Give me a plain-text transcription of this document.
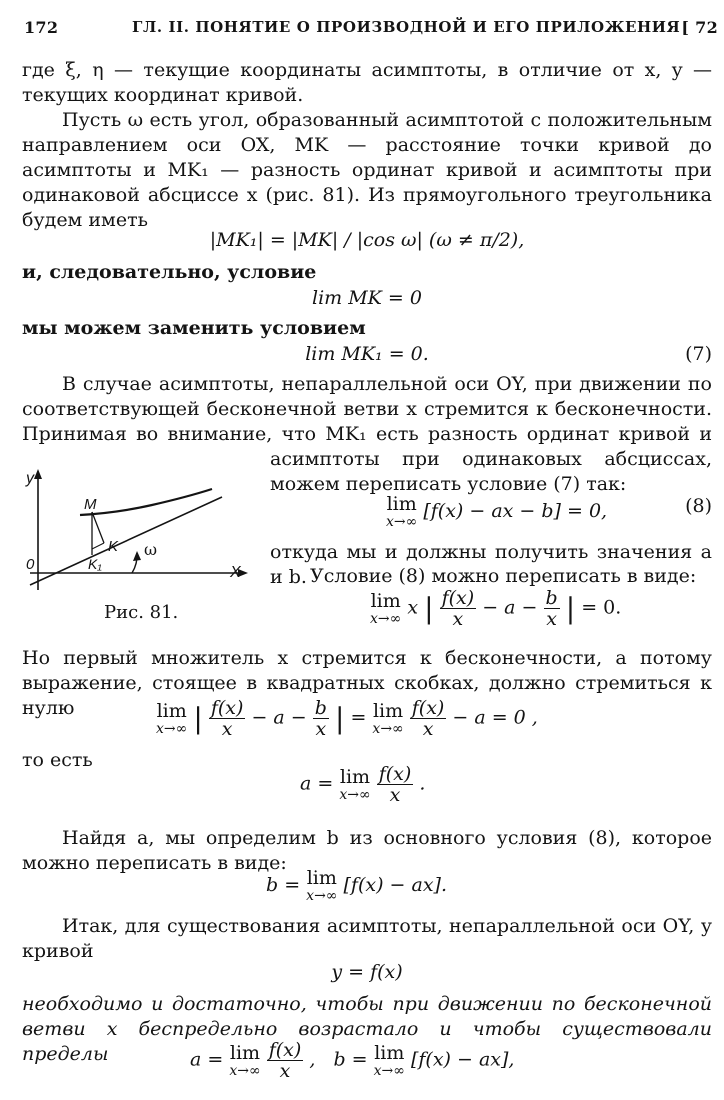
172	ГЛ. II. ПОНЯТИЕ О ПРОИЗВОДНОЙ И ЕГО ПРИЛОЖЕНИЯ [ 72

где ξ, η — текущие координаты асимптоты, в отличие от x, y — текущих координат кривой.

Пусть ω есть угол, образованный асимптотой с положительным направлением оси OX, MK — расстояние точки кривой до асимптоты и MK₁ — разность ординат кривой и асимптоты при одинаковой абсциссе x (рис. 81). Из прямоугольного треугольника будем иметь

|MK₁| = |MK| / |cos ω| (ω ≠ π/2),
и, следовательно, условие
lim MK = 0
мы можем заменить условием
lim MK₁ = 0.	(7)

В случае асимптоты, непараллельной оси OY, при движении по соответствующей бесконечной ветви x стремится к бесконечности. Принимая во внимание, что MK₁ есть разность ординат кривой и

асимптоты при одинаковых абсциссах, можем переписать условие (7) так:
lim
x→∞ [f(x) − ax − b] = 0,	(8)
откуда мы и должны получить значения a и b. Условие (8) можно переписать в виде:
lim
x→∞ x | $\frac{f(x)}{x} - a - \frac{b}{x}$ | = 0.
y
M
0
K
K₁
ω
X
Рис. 81.

Но первый множитель x стремится к бесконечности, а потому выражение, стоящее в квадратных скобках, должно стремиться к нулю	lim
x→∞ | $\frac{f(x)}{x} - a - \frac{b}{x}$ | = lim
x→∞
$\frac{f(x)}{x} - a = 0$ ,
то есть
a = lim
x→∞
$\frac{f(x)}{x}$ .

Найдя a, мы определим b из основного условия (8), которое можно переписать в виде:

b = lim
x→∞ [f(x) − ax].

Итак, для существования асимптоты, непараллельной оси OY, у кривой

y = f(x)

необходимо и достаточно, чтобы при движении по бесконечной ветви x беспредельно возрастало и чтобы существовали пределы	a = lim
x→∞
$\frac{f(x)}{x}$ ,   b = lim
x→∞ [f(x) − ax],
